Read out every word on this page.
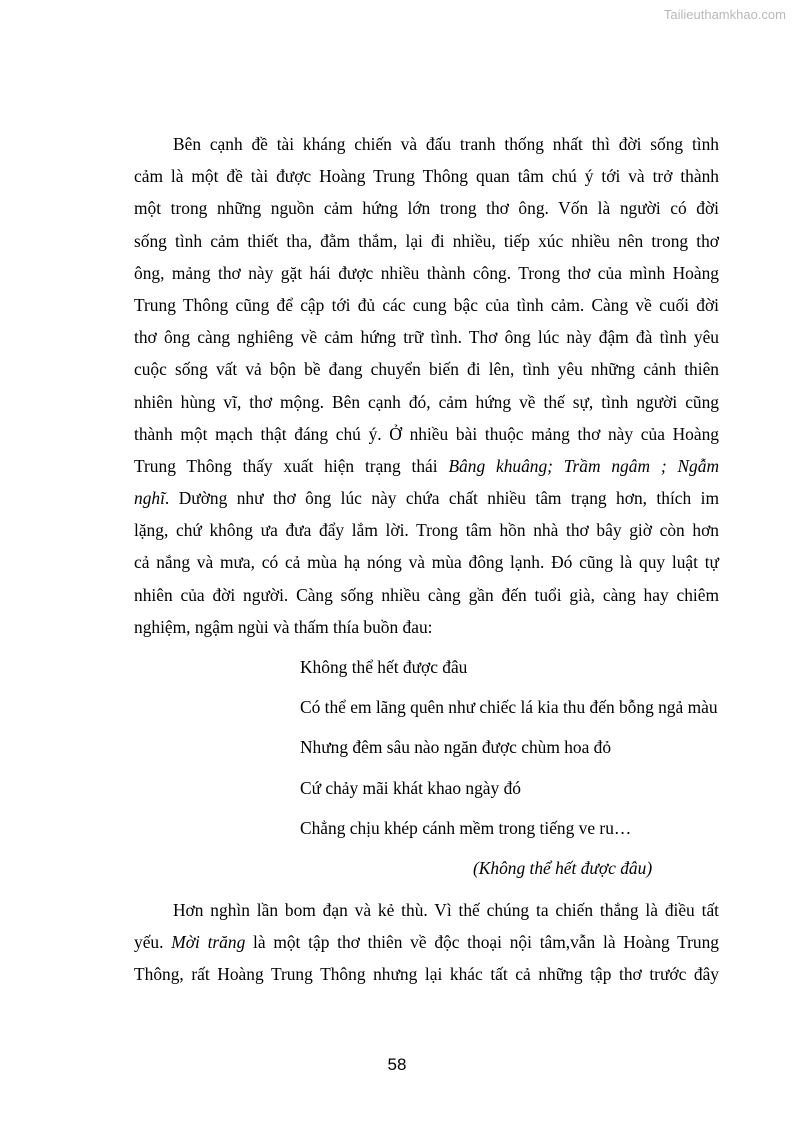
Tailieuthamkhao.com
Bên cạnh đề tài kháng chiến và đấu tranh thống nhất thì đời sống tình
cảm là một đề tài được Hoàng Trung Thông quan tâm chú ý tới và trở thành
một trong những nguồn cảm hứng lớn trong thơ ông. Vốn là người có đời
sống tình cảm thiết tha, đằm thắm, lại đi nhiều, tiếp xúc nhiều nên trong thơ
ông, mảng thơ này gặt hái được nhiều thành công. Trong thơ của mình Hoàng
Trung Thông cũng để cập tới đủ các cung bậc của tình cảm. Càng về cuối đời
thơ ông càng nghiêng về cảm hứng trữ tình. Thơ ông lúc này đậm đà tình yêu
cuộc sống vất vả bộn bề đang chuyển biến đi lên, tình yêu những cảnh thiên
nhiên hùng vĩ, thơ mộng. Bên cạnh đó, cảm hứng về thế sự, tình người cũng
thành một mạch thật đáng chú ý. Ở nhiều bài thuộc mảng thơ này của Hoàng
Trung Thông thấy xuất hiện trạng thái Bâng khuâng; Trầm ngâm ; Ngẫm
nghĩ. Dường như thơ ông lúc này chứa chất nhiều tâm trạng hơn, thích im
lặng, chứ không ưa đưa đẩy lắm lời. Trong tâm hồn nhà thơ bây giờ còn hơn
cả nắng và mưa, có cả mùa hạ nóng và mùa đông lạnh. Đó cũng là quy luật tự
nhiên của đời người. Càng sống nhiều càng gần đến tuổi già, càng hay chiêm
nghiệm, ngậm ngùi và thấm thía buồn đau:
Không thể hết được đâu
Có thể em lãng quên như chiếc lá kia thu đến bỗng ngả màu
Nhưng đêm sâu nào ngăn được chùm hoa đỏ
Cứ chảy mãi khát khao ngày đó
Chẳng chịu khép cánh mềm trong tiếng ve ru…
(Không thể hết được đâu)
Hơn nghìn lần bom đạn và kẻ thù. Vì thế chúng ta chiến thắng là điều tất
yếu. Mời trăng là một tập thơ thiên về độc thoại nội tâm,vẫn là Hoàng Trung
Thông, rất Hoàng Trung Thông nhưng lại khác tất cả những tập thơ trước đây
58
